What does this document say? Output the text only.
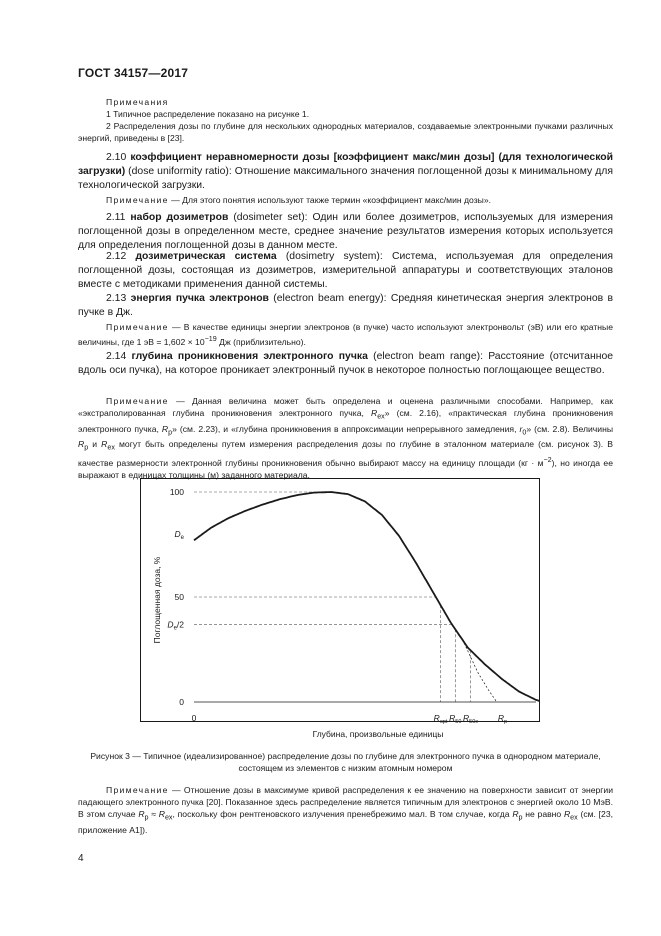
ГОСТ 34157—2017

Примечания

1 Типичное распределение показано на рисунке 1.

2 Распределения дозы по глубине для нескольких однородных материалов, создаваемые электронными пучками различных энергий, приведены в [23].

2.10 коэффициент неравномерности дозы [коэффициент макс/мин дозы] (для технологической загрузки) (dose uniformity ratio): Отношение максимального значения поглощенной дозы к минимальному для технологической загрузки.

Примечание — Для этого понятия используют также термин «коэффициент макс/мин дозы».

2.11 набор дозиметров (dosimeter set): Один или более дозиметров, используемых для измерения поглощенной дозы в определенном месте, среднее значение результатов измерения которых используется для определения поглощенной дозы в данном месте.

2.12 дозиметрическая система (dosimetry system): Система, используемая для определения поглощенной дозы, состоящая из дозиметров, измерительной аппаратуры и соответствующих эталонов вместе с методиками применения данной системы.

2.13 энергия пучка электронов (electron beam energy): Средняя кинетическая энергия электронов в пучке в Дж.

Примечание — В качестве единицы энергии электронов (в пучке) часто используют электронвольт (эВ) или его кратные величины, где 1 эВ = $1,602 \times 10^{-19}$ Дж (приблизительно).

2.14 глубина проникновения электронного пучка (electron beam range): Расстояние (отсчитанное вдоль оси пучка), на которое проникает электронный пучок в некоторое полностью поглощающее вещество.

Примечание — Данная величина может быть определена и оценена различными способами. Например, как «экстраполированная глубина проникновения электронного пучка, $R_{ex}$» (см. 2.16), «практическая глубина проникновения электронного пучка, $R_p$» (см. 2.23), и «глубина проникновения в аппроксимации непрерывного замедления, $r_0$» (см. 2.8). Величины $R_p$ и $R_{ex}$ могут быть определены путем измерения распределения дозы по глубине в эталонном материале (см. рисунок 3). В качестве размерности электронной глубины проникновения обычно выбирают массу на единицу площади $(кг \cdot м^{-2})$, но иногда ее выражают в единицах толщины (м) заданного материала.

100
$D_e$
50
$D_e/2$
0
0	$R_{opt}$ $R_{50}$ $R_{50e}$ $R_p$
Поглощенная доза, %
Глубина, произвольные единицы
Рисунок 3 — Типичное (идеализированное) распределение дозы по глубине для электронного пучка в однородном материале, состоящем из элементов с низким атомным номером

Примечание — Отношение дозы в максимуме кривой распределения к ее значению на поверхности зависит от энергии падающего электронного пучка [20]. Показанное здесь распределение является типичным для электронов с энергией около 10 МэВ. В этом случае $R_p \approx R_{ex}$, поскольку фон рентгеновского излучения пренебрежимо мал. В том случае, когда $R_p$ не равно $R_{ex}$ (см. [23, приложение А1]).

4
